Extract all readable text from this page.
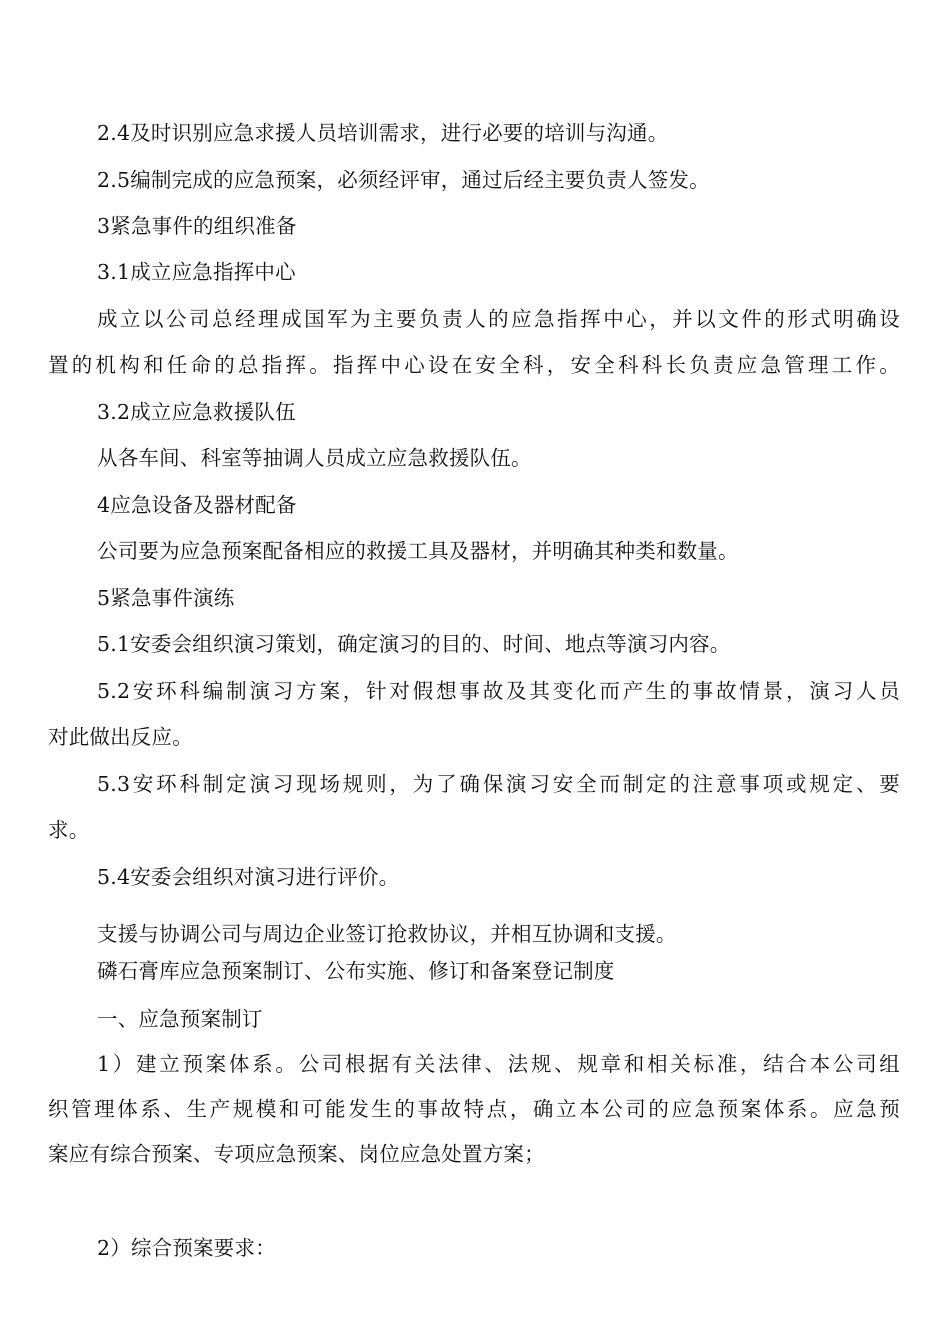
2.4及时识别应急求援人员培训需求，进行必要的培训与沟通。
2.5编制完成的应急预案，必须经评审，通过后经主要负责人签发。
3紧急事件的组织准备
3.1成立应急指挥中心
成立以公司总经理成国军为主要负责人的应急指挥中心，并以文件的形式明确设
置的机构和任命的总指挥。指挥中心设在安全科，安全科科长负责应急管理工作。
3.2成立应急救援队伍
从各车间、科室等抽调人员成立应急救援队伍。
4应急设备及器材配备
公司要为应急预案配备相应的救援工具及器材，并明确其种类和数量。
5紧急事件演练
5.1安委会组织演习策划，确定演习的目的、时间、地点等演习内容。
5.2安环科编制演习方案，针对假想事故及其变化而产生的事故情景，演习人员
对此做出反应。
5.3安环科制定演习现场规则，为了确保演习安全而制定的注意事项或规定、要
求。
5.4安委会组织对演习进行评价。
支援与协调公司与周边企业签订抢救协议，并相互协调和支援。
磷石膏库应急预案制订、公布实施、修订和备案登记制度
一、应急预案制订
1）建立预案体系。公司根据有关法律、法规、规章和相关标准，结合本公司组
织管理体系、生产规模和可能发生的事故特点，确立本公司的应急预案体系。应急预
案应有综合预案、专项应急预案、岗位应急处置方案；
2）综合预案要求：
